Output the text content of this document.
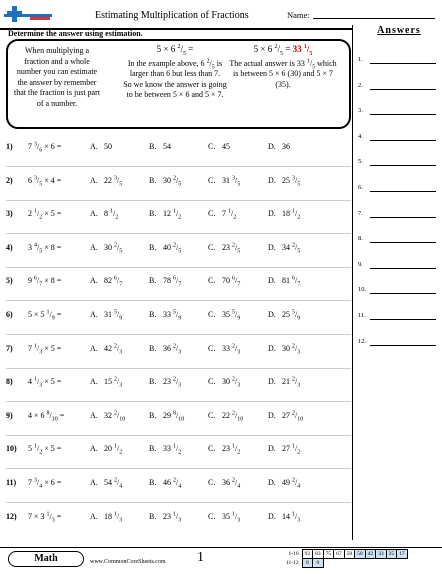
Estimating Multiplication of Fractions	Name:
Determine the answer using estimation.
When multiplying a fraction and a whole number you can estimate the answer by remember that the fraction is just part of a number.
5 × 6 $^2/_5$ =
In the example above, 6 $^2/_5$ is larger than 6 but less than 7.
So we know the answer is going to be between 5 × 6 and 5 × 7.
5 × 6 $^2/_5 = 33$ $^1/_5$
The actual answer is 33 $^1/_5$ which is between 5 × 6 (30) and 5 × 7 (35).
Answers
1.
2.
3.
4.
5.
6.
7.
8.
9.
10.
11.
12.
1) 7 $^3/_6 \times 6$ =	A. 50	B. 54	C. 45	D. 36
2) 6 $^3/_5 \times 4$ =	A. 22 $^3/_5$	B. 30 $^2/_5$	C. 31 $^3/_5$	D. 25 $^3/_5$
3) 2 $^1/_2 \times 5$ =	A. 8 $^1/_2$	B. 12 $^1/_2$	C. 7 $^1/_2$	D. 18 $^1/_2$
4) 3 $^4/_5 \times 8$ =	A. 30 $^2/_5$	B. 40 $^2/_5$	C. 23 $^2/_5$	D. 34 $^2/_5$
5) 9 $^6/_7 \times 8$ =	A. 82 $^6/_7$	B. 78 $^6/_7$	C. 70 $^6/_7$	D. 81 $^6/_7$
6) 5 × 5 $^1/_9$ =	A. 31 $^5/_9$	B. 33 $^5/_9$	C. 35 $^5/_9$	D. 25 $^5/_9$
7) 7 $^1/_3 \times 5$ =	A. 42 $^2/_3$	B. 36 $^2/_3$	C. 33 $^2/_3$	D. 30 $^2/_3$
8) 4 $^1/_3 \times 5$ =	A. 15 $^2/_3$	B. 23 $^2/_3$	C. 30 $^2/_3$	D. 21 $^2/_3$
9) 4 × 6 $^8/_{10}$ =	A. 32 $^2/_{10}$	B. 29 $^8/_{10}$	C. 22 $^2/_{10}$	D. 27 $^2/_{10}$
10) 5 $^1/_2 \times 5$ =	A. 20 $^1/_2$	B. 33 $^1/_2$	C. 23 $^1/_2$	D. 27 $^1/_2$
11) 7 $^3/_4 \times 6$ =	A. 54 $^2/_4$	B. 46 $^2/_4$	C. 36 $^2/_4$	D. 49 $^2/_4$
12) 7 × 3 $^1/_3$ =	A. 18 $^1/_3$	B. 23 $^1/_3$	C. 35 $^1/_3$	D. 14 $^1/_3$
Math	www.CommonCoreSheets.com 1	1-10	92	83	75	67	58	50	42	33	25	17
11-12	8	0								
